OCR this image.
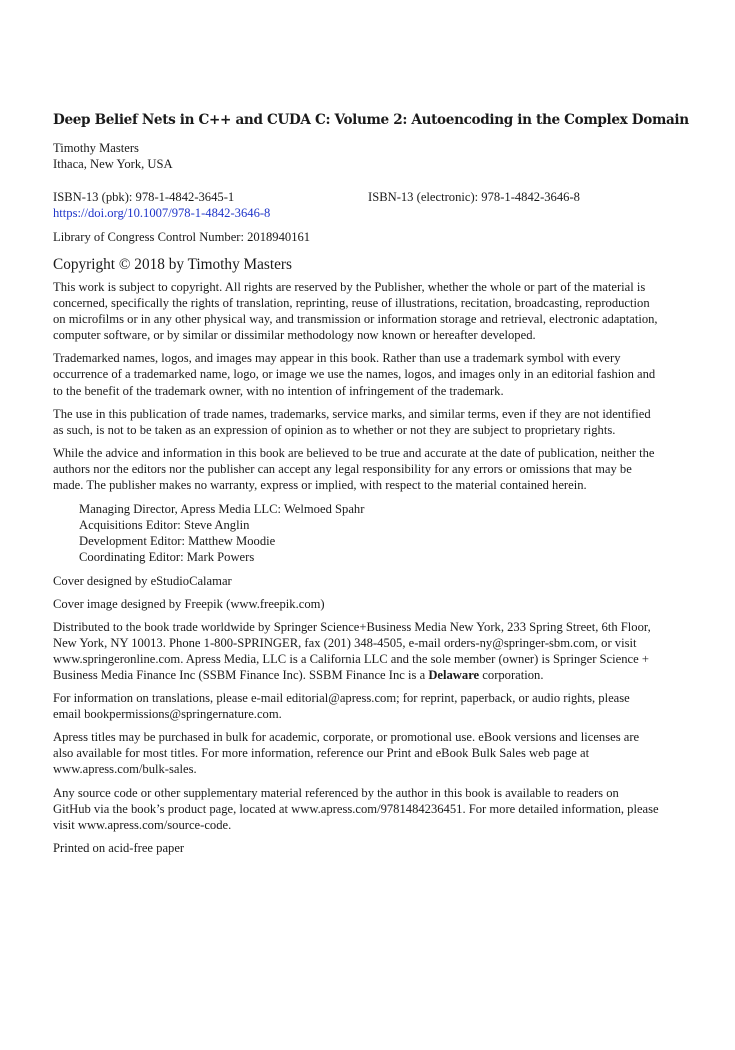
Deep Belief Nets in C++ and CUDA C: Volume 2: Autoencoding in the Complex Domain
Timothy Masters
Ithaca, New York, USA
ISBN-13 (pbk): 978-1-4842-3645-1	ISBN-13 (electronic): 978-1-4842-3646-8
https://doi.org/10.1007/978-1-4842-3646-8
Library of Congress Control Number: 2018940161
Copyright © 2018 by Timothy Masters

This work is subject to copyright. All rights are reserved by the Publisher, whether the whole or part of the material is concerned, specifically the rights of translation, reprinting, reuse of illustrations, recitation, broadcasting, reproduction on microfilms or in any other physical way, and transmission or information storage and retrieval, electronic adaptation, computer software, or by similar or dissimilar methodology now known or hereafter developed.

Trademarked names, logos, and images may appear in this book. Rather than use a trademark symbol with every occurrence of a trademarked name, logo, or image we use the names, logos, and images only in an editorial fashion and to the benefit of the trademark owner, with no intention of infringement of the trademark.

The use in this publication of trade names, trademarks, service marks, and similar terms, even if they are not identified as such, is not to be taken as an expression of opinion as to whether or not they are subject to proprietary rights.

While the advice and information in this book are believed to be true and accurate at the date of publication, neither the authors nor the editors nor the publisher can accept any legal responsibility for any errors or omissions that may be made. The publisher makes no warranty, express or implied, with respect to the material contained herein.

Managing Director, Apress Media LLC: Welmoed Spahr
Acquisitions Editor: Steve Anglin
Development Editor: Matthew Moodie
Coordinating Editor: Mark Powers

Cover designed by eStudioCalamar

Cover image designed by Freepik (www.freepik.com)

Distributed to the book trade worldwide by Springer Science+Business Media New York, 233 Spring Street, 6th Floor, New York, NY 10013. Phone 1-800-SPRINGER, fax (201) 348-4505, e-mail orders-ny@springer-sbm.com, or visit www.springeronline.com. Apress Media, LLC is a California LLC and the sole member (owner) is Springer Science + Business Media Finance Inc (SSBM Finance Inc). SSBM Finance Inc is a Delaware corporation.

For information on translations, please e-mail editorial@apress.com; for reprint, paperback, or audio rights, please email bookpermissions@springernature.com.

Apress titles may be purchased in bulk for academic, corporate, or promotional use. eBook versions and licenses are also available for most titles. For more information, reference our Print and eBook Bulk Sales web page at www.apress.com/bulk-sales.

Any source code or other supplementary material referenced by the author in this book is available to readers on GitHub via the book’s product page, located at www.apress.com/9781484236451. For more detailed information, please visit www.apress.com/source-code.

Printed on acid-free paper
